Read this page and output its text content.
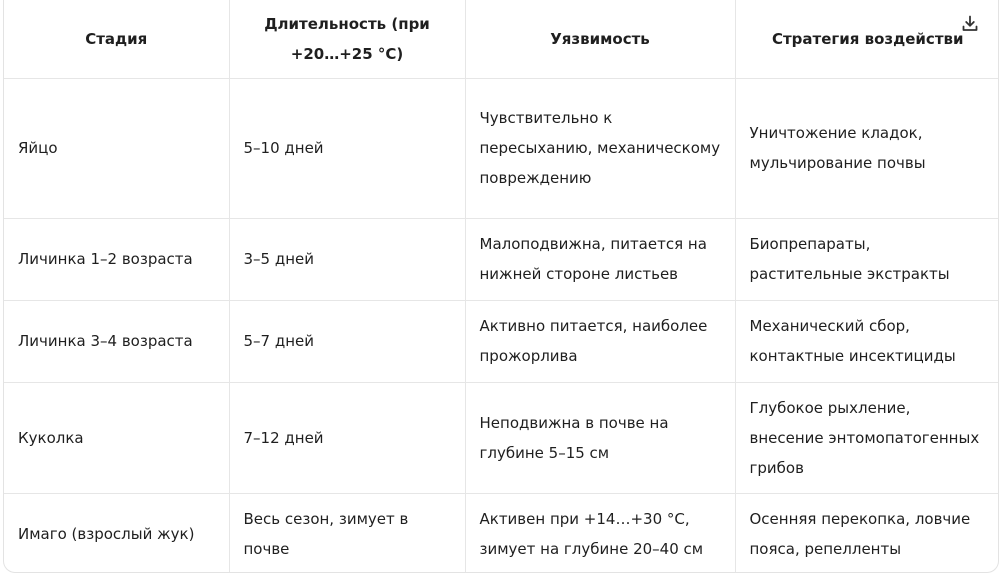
Стадия	Длительность (при +20…+25 °C)	Уязвимость	Стратегия воздействи

Яйцо	5–10 дней	Чувствительно к пересыханию, механическому повреждению	Уничтожение кладок, мульчирование почвы
Личинка 1–2 возраста	3–5 дней	Малоподвижна, питается на нижней стороне листьев	Биопрепараты, растительные экстракты
Личинка 3–4 возраста	5–7 дней	Активно питается, наиболее прожорлива	Механический сбор, контактные инсектициды
Куколка	7–12 дней	Неподвижна в почве на глубине 5–15 см	Глубокое рыхление, внесение энтомопатогенных грибов
Имаго (взрослый жук)	Весь сезон, зимует в почве	Активен при +14…+30 °C, зимует на глубине 20–40 см	Осенняя перекопка, ловчие пояса, репелленты
